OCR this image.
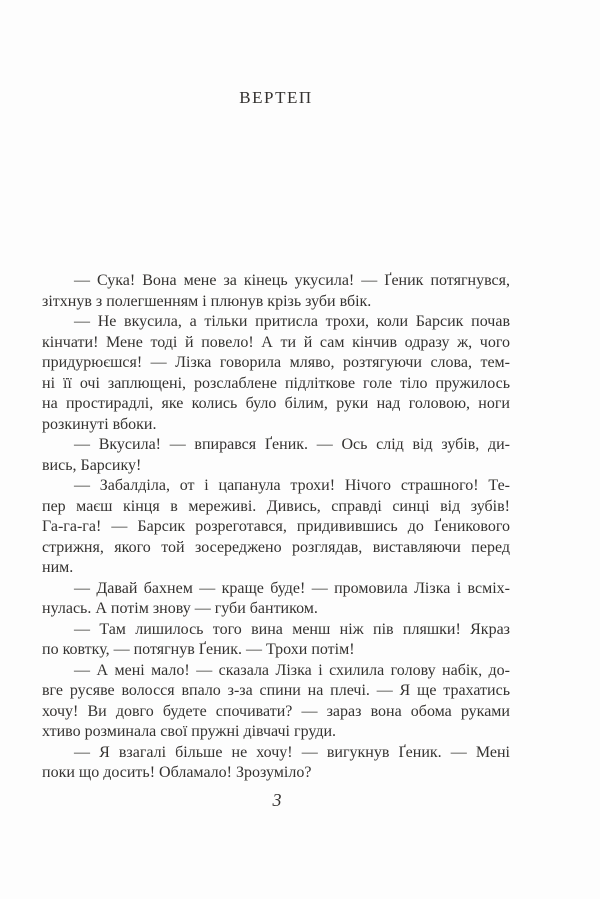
ВЕРТЕП

— Сука! Вона мене за кінець укусила! — Ґеник потягнувся,
зітхнув з полегшенням і плюнув крізь зуби вбік.

— Не вкусила, а тільки притисла трохи, коли Барсик почав
кінчати! Мене тоді й повело! А ти й сам кінчив одразу ж, чого
придурюєшся! — Лізка говорила мляво, розтягуючи слова, тем-
ні її очі заплющені, розслаблене підліткове голе тіло пружилось
на простирадлі, яке колись було білим, руки над головою, ноги
розкинуті вбоки.

— Вкусила! — впирався Ґеник. — Ось слід від зубів, ди-
вись, Барсику!

— Забалділа, от і цапанула трохи! Нічого страшного! Те-
пер маєш кінця в мереживі. Дивись, справді синці від зубів!
Га-га-га! — Барсик розреготався, придивившись до Ґеникового
стрижня, якого той зосереджено розглядав, виставляючи перед
ним.

— Давай бахнем — краще буде! — промовила Лізка і всміх-
нулась. А потім знову — губи бантиком.

— Там лишилось того вина менш ніж пів пляшки! Якраз
по ковтку, — потягнув Ґеник. — Трохи потім!

— А мені мало! — сказала Лізка і схилила голову набік, до-
вге русяве волосся впало з-за спини на плечі. — Я ще трахатись
хочу! Ви довго будете спочивати? — зараз вона обома руками
хтиво розминала свої пружні дівчачі груди.

— Я взагалі більше не хочу! — вигукнув Ґеник. — Мені
поки що досить! Обламало! Зрозуміло?

3
